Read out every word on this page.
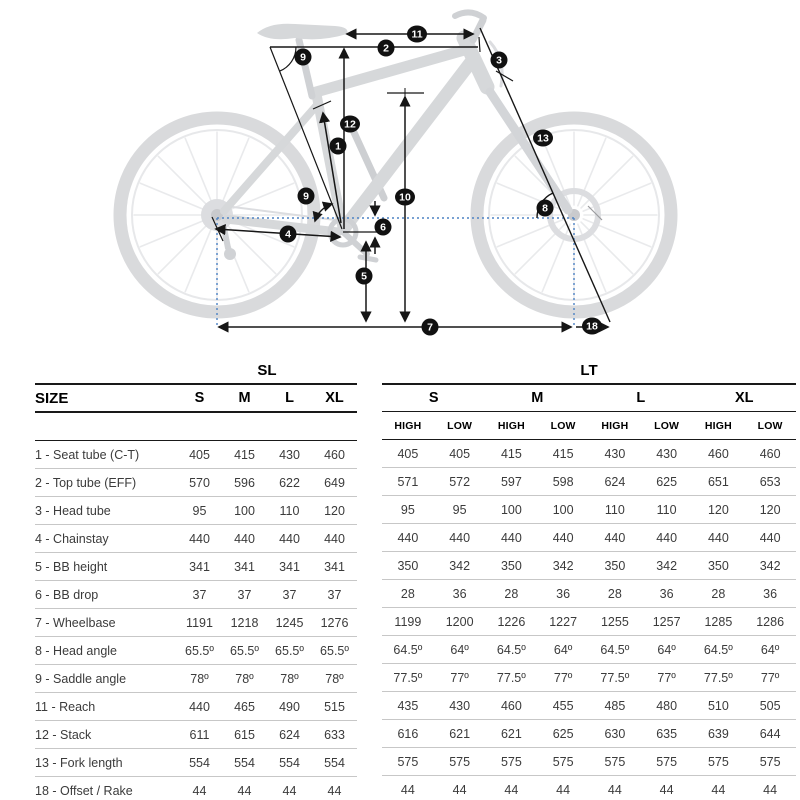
11
2
9	3
12
1
13
10
9
8
6
4
5
7	18
SL
SIZE	S	M	L	XL
1 - Seat tube (C-T)	405	415	430	460
2 - Top tube (EFF)	570	596	622	649
3 - Head tube	95	100	110	120
4 - Chainstay	440	440	440	440
5 - BB height	341	341	341	341
6 - BB drop	37	37	37	37
7 - Wheelbase	1191	1218	1245	1276
8 - Head angle	65.5º	65.5º	65.5º	65.5º
9 - Saddle angle	78º	78º	78º	78º
11 - Reach	440	465	490	515
12 - Stack	611	615	624	633
13 - Fork length	554	554	554	554
18 - Offset / Rake	44	44	44	44
LT
S	M	L	XL
HIGH	LOW	HIGH	LOW	HIGH	LOW	HIGH	LOW
405	405	415	415	430	430	460	460
571	572	597	598	624	625	651	653
95	95	100	100	110	110	120	120
440	440	440	440	440	440	440	440
350	342	350	342	350	342	350	342
28	36	28	36	28	36	28	36
1199	1200	1226	1227	1255	1257	1285	1286
64.5º	64º	64.5º	64º	64.5º	64º	64.5º	64º
77.5º	77º	77.5º	77º	77.5º	77º	77.5º	77º
435	430	460	455	485	480	510	505
616	621	621	625	630	635	639	644
575	575	575	575	575	575	575	575
44	44	44	44	44	44	44	44
